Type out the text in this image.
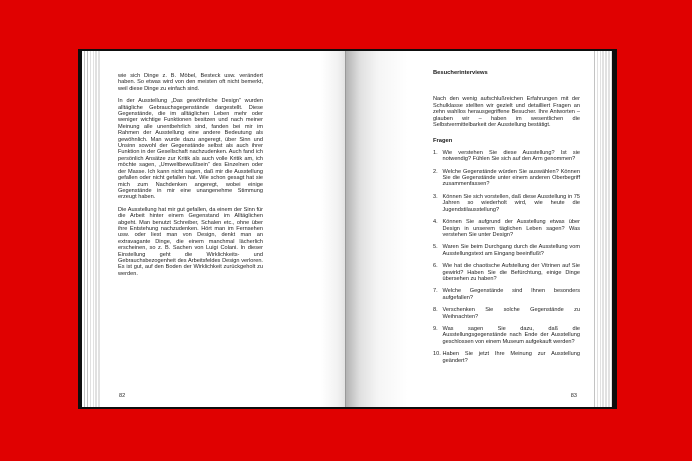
wie sich Dinge z. B. Möbel, Besteck usw. verändert haben. So etwas wird von den meisten oft nicht bemerkt, weil diese Dinge zu einfach sind.

In der Ausstellung „Das gewöhnliche Design“ wurden alltägliche Gebrauchsgegenstände dargestellt. Diese Gegenstände, die im alltäglichen Leben mehr oder weniger wichtige Funktionen besitzen und nach meiner Meinung alle unentbehrlich sind, fanden bei mir im Rahmen der Ausstellung eine andere Bedeutung als gewöhnlich. Man wurde dazu angeregt, über Sinn und Unsinn sowohl der Gegenstände selbst als auch ihrer Funktion in der Gesellschaft nachzudenken. Auch fand ich persönlich Ansätze zur Kritik als auch volle Kritik am, ich möchte sagen, „Umweltbewußtsein“ des Einzelnen oder der Masse. Ich kann nicht sagen, daß mir die Ausstellung gefallen oder nicht gefallen hat. Wie schon gesagt hat sie mich zum Nachdenken angeregt, wobei einige Gegenstände in mir eine unangenehme Stimmung erzeugt haben.

Die Ausstellung hat mir gut gefallen, da einem der Sinn für die Arbeit hinter einem Gegenstand im Alltäglichen abgeht. Man benutzt Schreiber, Schalen etc., ohne über ihre Entstehung nachzudenken. Hört man im Fernsehen usw. oder liest man von Design, denkt man an extravagante Dinge, die einem manchmal lächerlich erscheinen, so z. B. Sachen von Luigi Colani. In dieser Einstellung geht die Wirklichkeits- und Gebrauchsbezogenheit des Arbeitsfeldes Design verloren. Es ist gut, auf den Boden der Wirklichkeit zurückgeholt zu werden.

82
Besucherinterviews

Nach den wenig aufschlußreichen Erfahrungen mit der Schulklasse stellten wir gezielt und detailliert Fragen an zehn wahllos herausgegriffene Besucher. Ihre Antworten – glauben wir – haben im wesentlichen die Selbstvermittelbarkeit der Ausstellung bestätigt.

Fragen
1. Wie verstehen Sie diese Ausstellung? Ist sie notwendig? Fühlen Sie sich auf den Arm genommen?
2. Welche Gegenstände würden Sie auswählen? Können Sie die Gegenstände unter einem anderen Oberbegriff zusammenfassen?
3. Können Sie sich vorstellen, daß diese Ausstellung in 75 Jahren so wiederholt wird, wie heute die Jugendstilausstellung?
4. Können Sie aufgrund der Ausstellung etwas über Design in unserem täglichen Leben sagen? Was verstehen Sie unter Design?
5. Waren Sie beim Durchgang durch die Ausstellung vom Ausstellungstext am Eingang beeinflußt?
6. Wie hat die chaotische Aufstellung der Vitrinen auf Sie gewirkt? Haben Sie die Befürchtung, einige Dinge übersehen zu haben?
7. Welche Gegenstände sind Ihnen besonders aufgefallen?
8. Verschenken Sie solche Gegenstände zu Weihnachten?
9. Was sagen Sie dazu, daß die Ausstellungsgegenstände nach Ende der Ausstellung geschlossen von einem Museum aufgekauft werden?
10. Haben Sie jetzt Ihre Meinung zur Ausstellung geändert?
83
